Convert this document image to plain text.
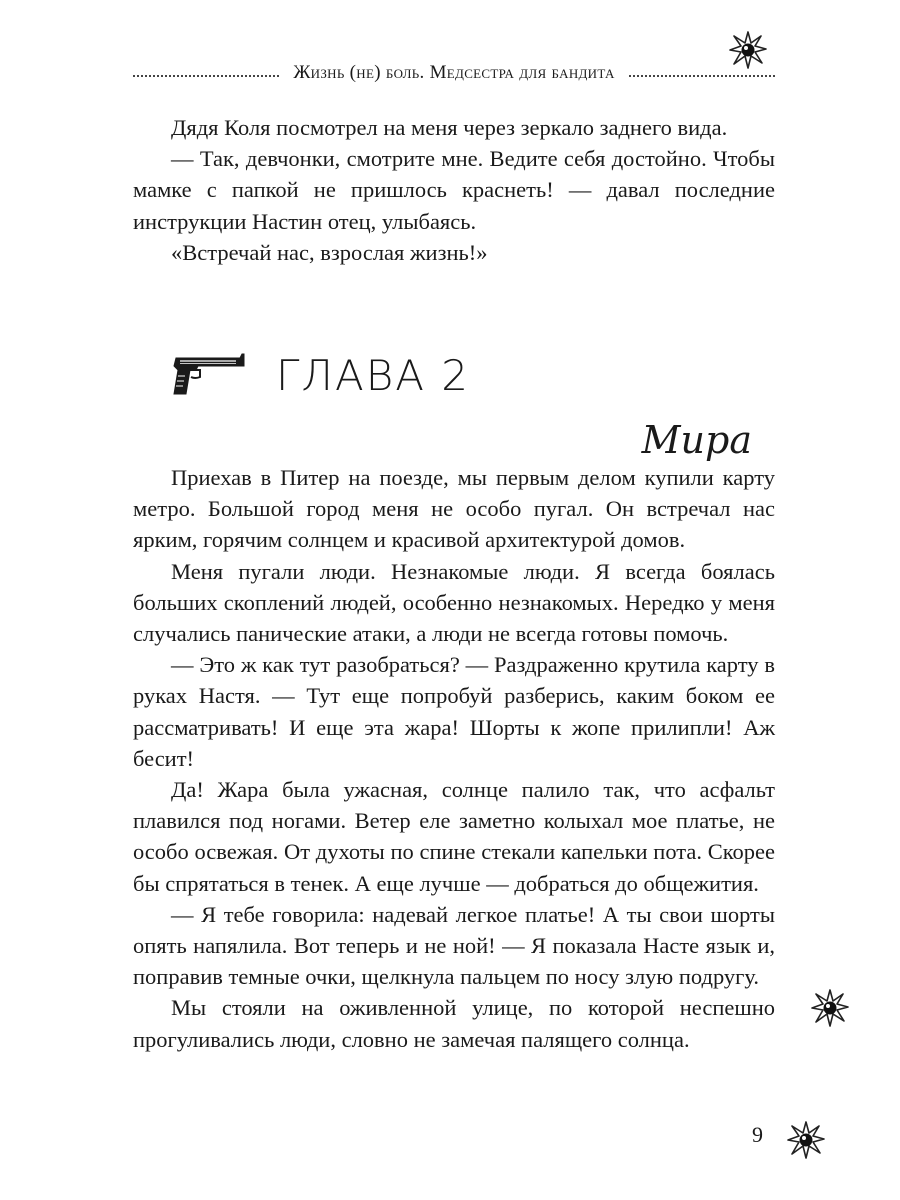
Жизнь (не) боль. Медсестра для бандита

Дядя Коля посмотрел на меня через зеркало заднего вида.

— Так, девчонки, смотрите мне. Ведите себя достойно. Чтобы мамке с папкой не пришлось краснеть! — давал последние инструкции Настин отец, улыбаясь.

«Встречай нас, взрослая жизнь!»

ГЛАВА 2
Мира

Приехав в Питер на поезде, мы первым делом купили карту метро. Большой город меня не особо пугал. Он встречал нас ярким, горячим солнцем и красивой архитектурой домов.

Меня пугали люди. Незнакомые люди. Я всегда боялась больших скоплений людей, особенно незнакомых. Нередко у меня случались панические атаки, а люди не всегда готовы помочь.

— Это ж как тут разобраться? — Раздраженно крутила карту в руках Настя. — Тут еще попробуй разберись, каким боком ее рассматривать! И еще эта жара! Шорты к жопе прилипли! Аж бесит!

Да! Жара была ужасная, солнце палило так, что асфальт плавился под ногами. Ветер еле заметно колыхал мое платье, не особо освежая. От духоты по спине стекали капельки пота. Скорее бы спрятаться в тенек. А еще лучше — добраться до общежития.

— Я тебе говорила: надевай легкое платье! А ты свои шорты опять напялила. Вот теперь и не ной! — Я показала Насте язык и, поправив темные очки, щелкнула пальцем по носу злую подругу.

Мы стояли на оживленной улице, по которой неспешно прогуливались люди, словно не замечая палящего солнца.

9
